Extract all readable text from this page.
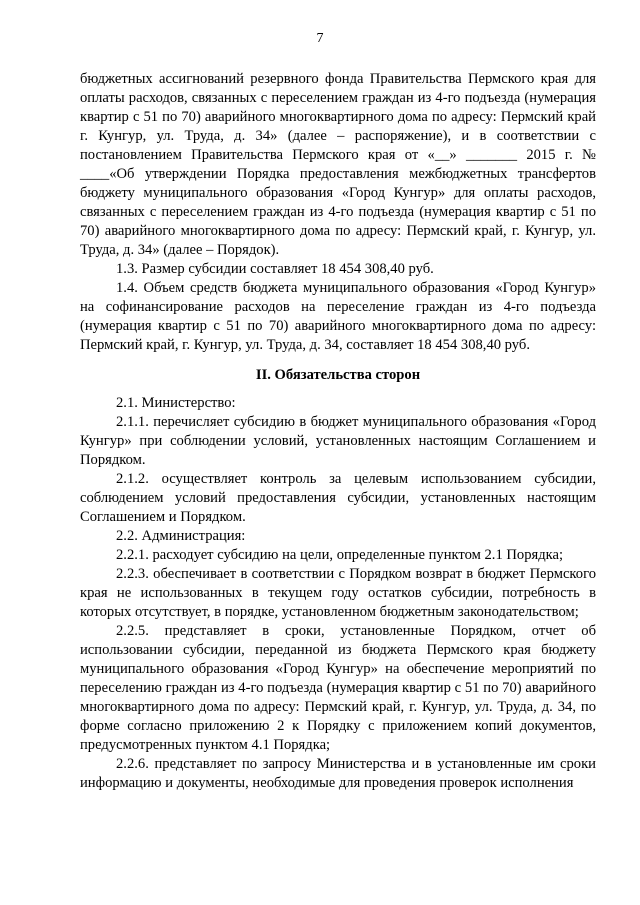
7

бюджетных ассигнований резервного фонда Правительства Пермского края для оплаты расходов, связанных с переселением граждан из 4-го подъезда (нумерация квартир с 51 по 70) аварийного многоквартирного дома по адресу: Пермский край г. Кунгур, ул. Труда, д. 34» (далее – распоряжение), и в соответствии с постановлением Правительства Пермского края от «__» _______ 2015 г. № ____«Об утверждении Порядка предоставления межбюджетных трансфертов бюджету муниципального образования «Город Кунгур» для оплаты расходов, связанных с переселением граждан из 4-го подъезда (нумерация квартир с 51 по 70) аварийного многоквартирного дома по адресу: Пермский край, г. Кунгур, ул. Труда, д. 34» (далее – Порядок).

1.3. Размер субсидии составляет 18 454 308,40 руб.

1.4. Объем средств бюджета муниципального образования «Город Кунгур» на софинансирование расходов на переселение граждан из 4-го подъезда (нумерация квартир с 51 по 70) аварийного многоквартирного дома по адресу: Пермский край, г. Кунгур, ул. Труда, д. 34, составляет 18 454 308,40 руб.

II. Обязательства сторон

2.1. Министерство:

2.1.1. перечисляет субсидию в бюджет муниципального образования «Город Кунгур» при соблюдении условий, установленных настоящим Соглашением и Порядком.

2.1.2. осуществляет контроль за целевым использованием субсидии, соблюдением условий предоставления субсидии, установленных настоящим Соглашением и Порядком.

2.2. Администрация:

2.2.1. расходует субсидию на цели, определенные пунктом 2.1 Порядка;

2.2.3. обеспечивает в соответствии с Порядком возврат в бюджет Пермского края не использованных в текущем году остатков субсидии, потребность в которых отсутствует, в порядке, установленном бюджетным законодательством;

2.2.5. представляет в сроки, установленные Порядком, отчет об использовании субсидии, переданной из бюджета Пермского края бюджету муниципального образования «Город Кунгур» на обеспечение мероприятий по переселению граждан из 4-го подъезда (нумерация квартир с 51 по 70) аварийного многоквартирного дома по адресу: Пермский край, г. Кунгур, ул. Труда, д. 34, по форме согласно приложению 2 к Порядку с приложением копий документов, предусмотренных пунктом 4.1 Порядка;

2.2.6. представляет по запросу Министерства и в установленные им сроки информацию и документы, необходимые для проведения проверок исполнения
